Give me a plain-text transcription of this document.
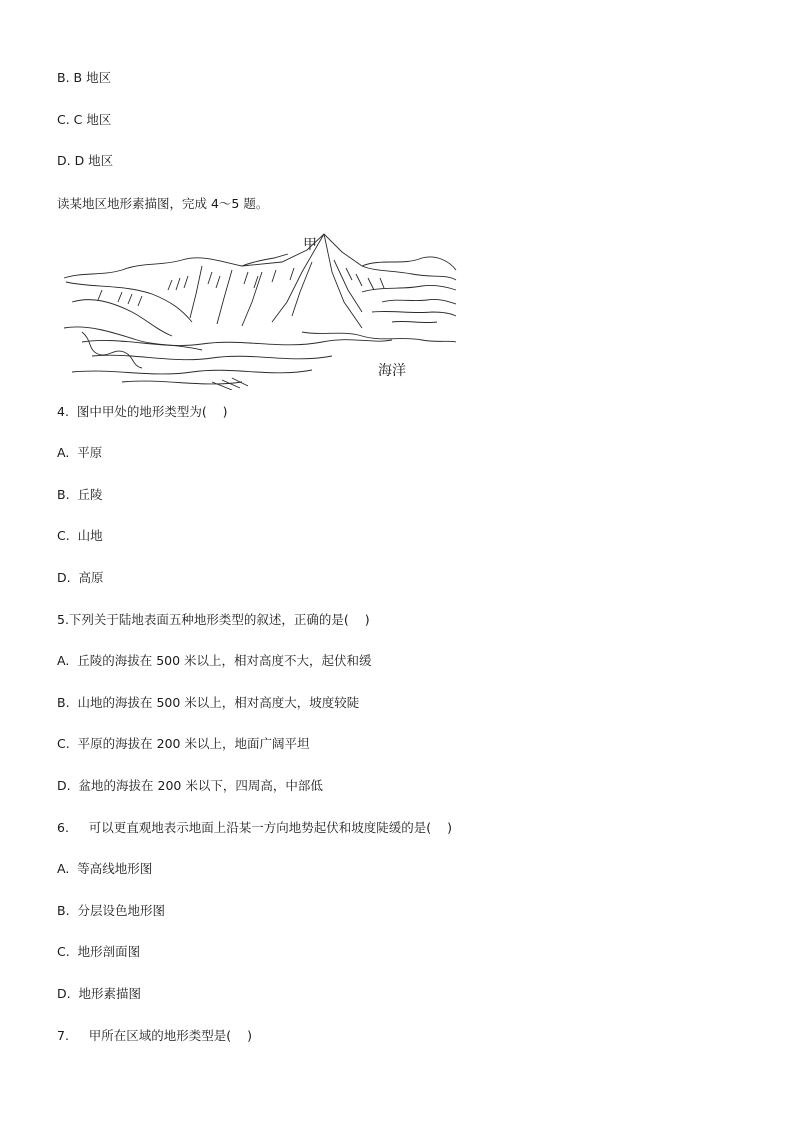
B. B 地区
C. C 地区
D. D 地区
读某地区地形素描图，完成 4～5 题。
甲
海洋
4.  图中甲处的地形类型为(    )
A.  平原
B.  丘陵
C.  山地
D.  高原
5.下列关于陆地表面五种地形类型的叙述，正确的是(    )
A.  丘陵的海拔在 500 米以上，相对高度不大，起伏和缓
B.  山地的海拔在 500 米以上，相对高度大，坡度较陡
C.  平原的海拔在 200 米以上，地面广阔平坦
D.  盆地的海拔在 200 米以下，四周高，中部低
6.     可以更直观地表示地面上沿某一方向地势起伏和坡度陡缓的是(    )
A.  等高线地形图
B.  分层设色地形图
C.  地形剖面图
D.  地形素描图
7.     甲所在区域的地形类型是(    )
